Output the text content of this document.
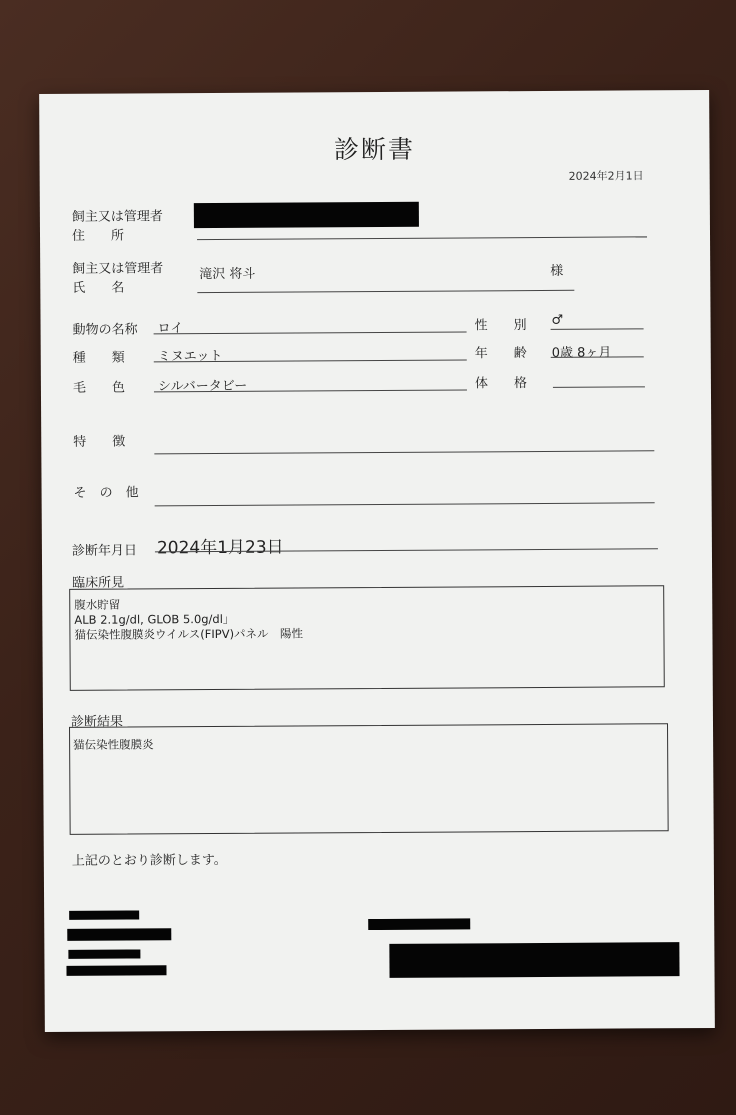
診断書
2024年2月1日
飼主又は管理者
住　　所
飼主又は管理者
氏　　名
滝沢 将斗	様
動物の名称 ロイ	性　　別	♂
種　　類	ミヌエット	年　　齢 0歳 8ヶ月
毛　　色	シルバータビー	体　　格
特　　徴
そ　の　他
診断年月日 2024年1月23日
臨床所見
腹水貯留
ALB 2.1g/dl, GLOB 5.0g/dl」
猫伝染性腹膜炎ウイルス(FIPV)パネル　陽性
診断結果
猫伝染性腹膜炎
上記のとおり診断します。
